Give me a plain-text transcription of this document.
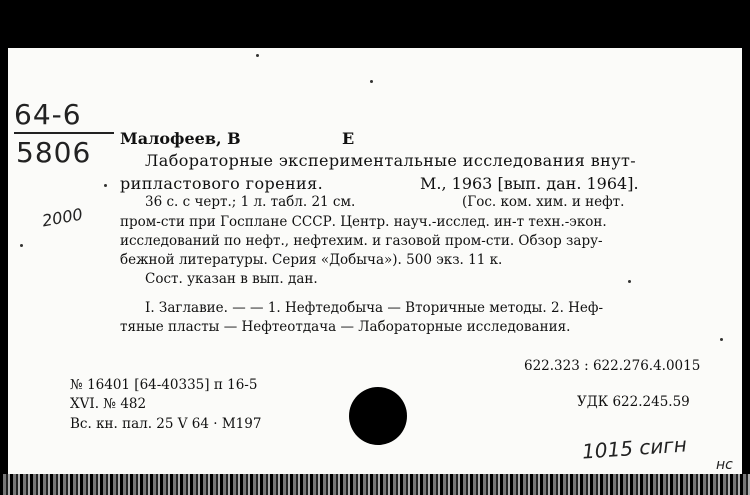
64-6
5806
2000
Малофеев, В	Е
Лабораторные экспериментальные исследования внут-
рипластового горения.	М., 1963 [вып. дан. 1964].
36 с. с черт.; 1 л. табл. 21 см.	(Гос. ком. хим. и нефт.
пром-сти при Госплане СССР. Центр. науч.-исслед. ин-т техн.-экон.
исследований по нефт., нефтехим. и газовой пром-сти. Обзор зару-
бежной литературы. Серия «Добыча»). 500 экз. 11 к.
Сост. указан в вып. дан.
I. Заглавие. — — 1. Нефтедобыча — Вторичные методы. 2. Неф-
тяные пласты — Нефтеотдача — Лабораторные исследования.
622.323 : 622.276.4.0015
УДК 622.245.59
№ 16401 [64-40335] п 16-5
XVI. № 482
Вс. кн. пал. 25 V 64 · М197
1015 сигн
нс
